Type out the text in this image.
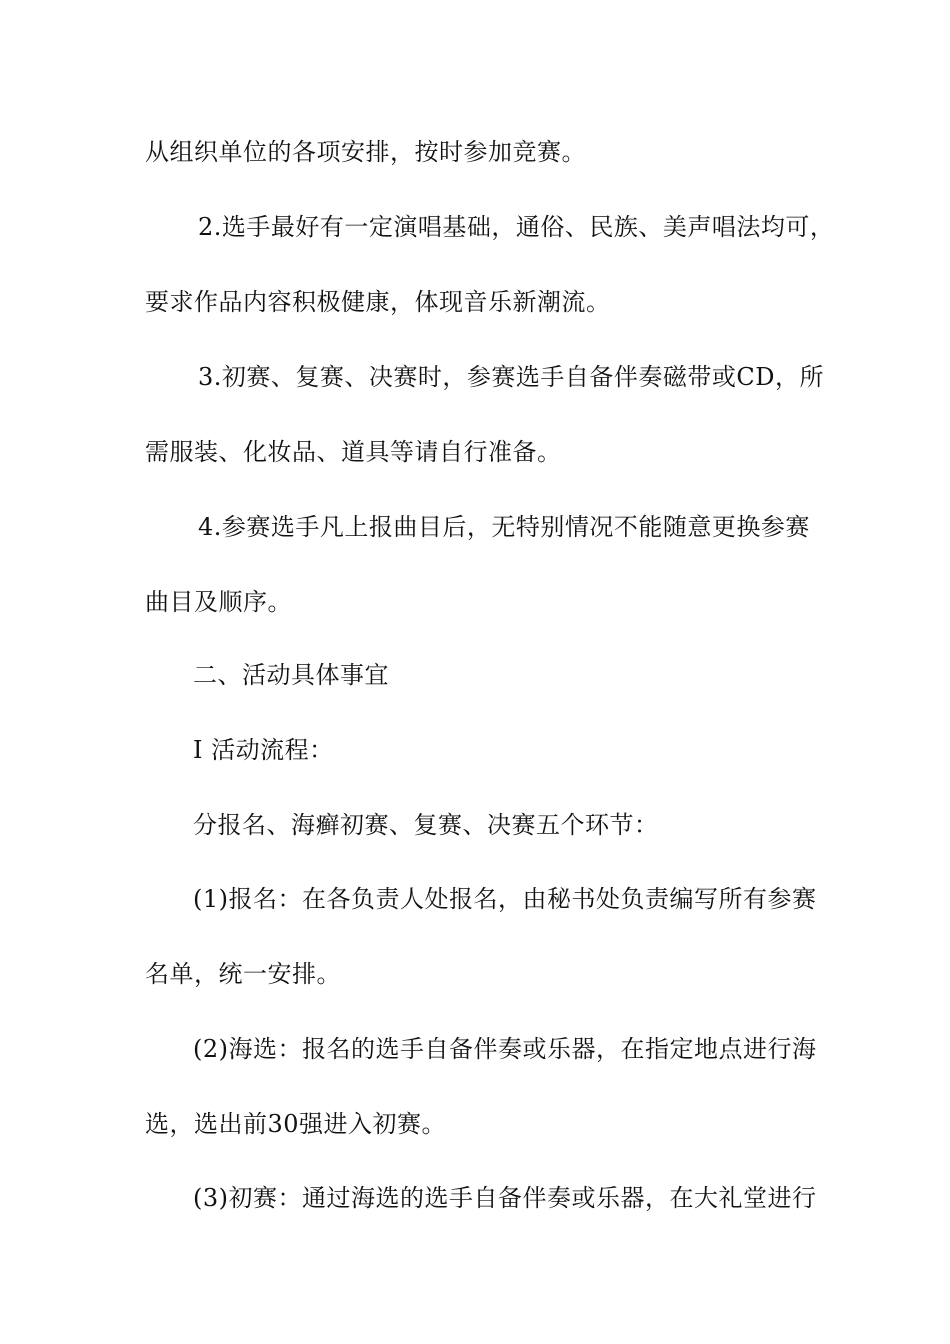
从组织单位的各项安排，按时参加竞赛。
2.选手最好有一定演唱基础，通俗、民族、美声唱法均可，
要求作品内容积极健康，体现音乐新潮流。
3.初赛、复赛、决赛时，参赛选手自备伴奏磁带或CD，所
需服装、化妆品、道具等请自行准备。
4.参赛选手凡上报曲目后，无特别情况不能随意更换参赛
曲目及顺序。
二、活动具体事宜
Ⅰ 活动流程：
分报名、海癣初赛、复赛、决赛五个环节：
(1)报名：在各负责人处报名，由秘书处负责编写所有参赛
名单，统一安排。
(2)海选：报名的选手自备伴奏或乐器，在指定地点进行海
选，选出前30强进入初赛。
(3)初赛：通过海选的选手自备伴奏或乐器，在大礼堂进行
